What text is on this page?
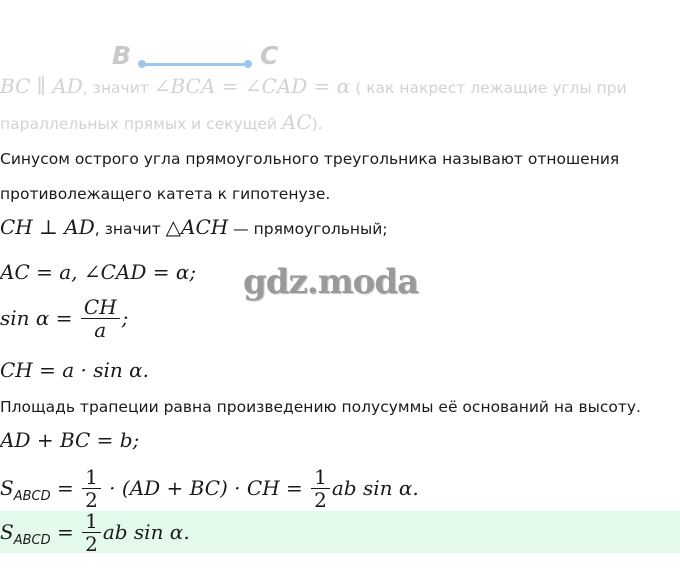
B	C
BC ∥ AD, значит ∠BCA = ∠CAD = α ( как накрест лежащие углы при
параллельных прямых и секущей AC).
Синусом острого угла прямоугольного треугольника называют отношения
противолежащего катета к гипотенузе.
CH ⊥ AD, значит △ACH — прямоугольный;
AC = a, ∠CAD = α;
$\sin \alpha = \frac{CH}{a}$ ;
CH = a · sin α.
Площадь трапеции равна произведению полусуммы её оснований на высоту.
AD + BC = b;
$S_{ABCD} = \frac{1}{2} \cdot (AD + BC)$ · CH = $\frac{1}{2}$ ab sin α.
$S_{ABCD} = \frac{1}{2}$ ab sin α.
gdz.moda
